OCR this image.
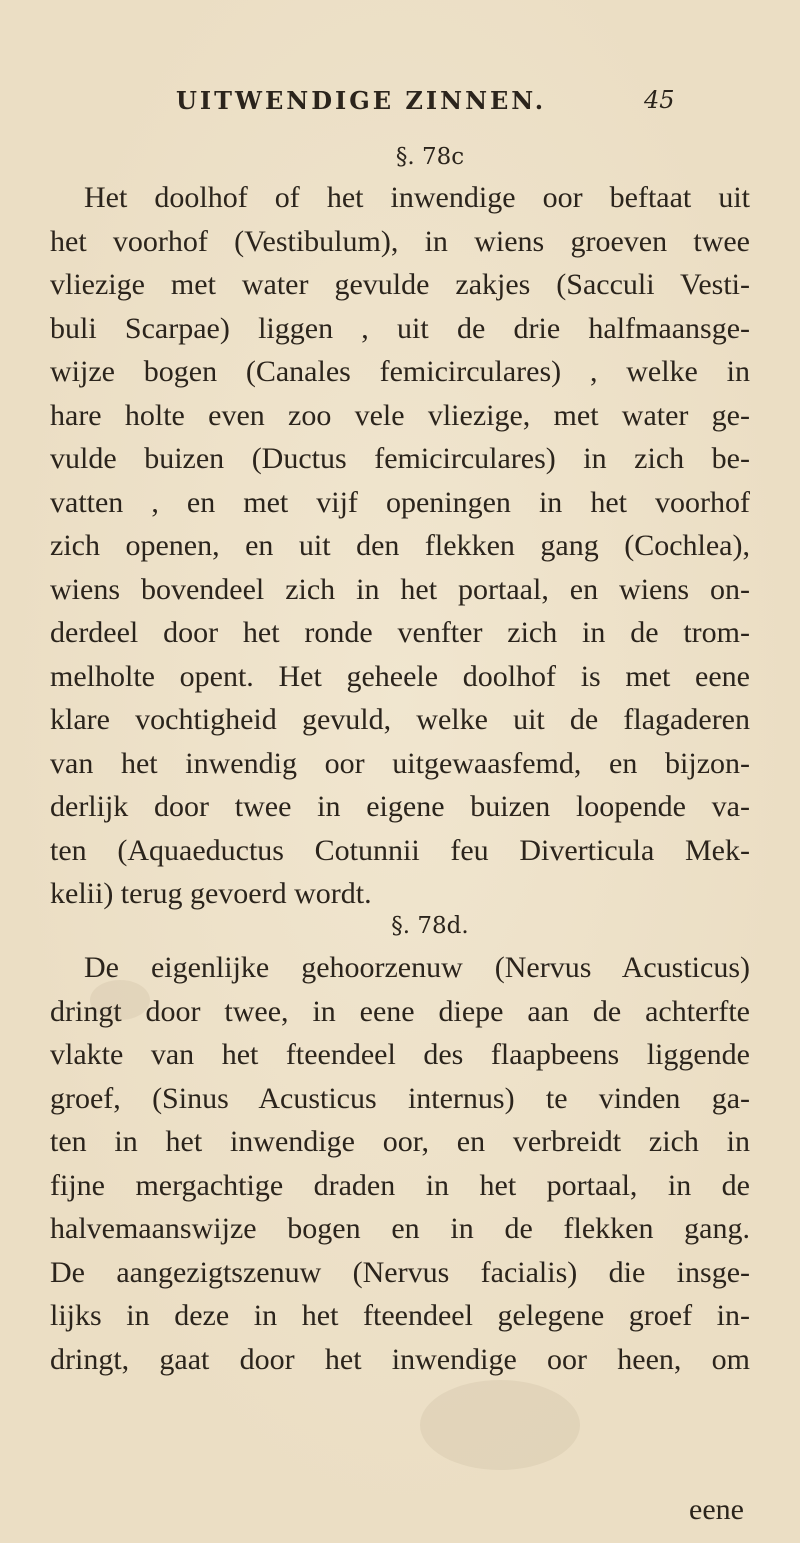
UITWENDIGE ZINNEN.	45
§. 78c
Het doolhof of het inwendige oor beftaat uit
het voorhof (Vestibulum), in wiens groeven twee
vliezige met water gevulde zakjes (Sacculi Vesti-
buli Scarpae) liggen , uit de drie halfmaansge-
wijze bogen (Canales femicirculares) , welke in
hare holte even zoo vele vliezige, met water ge-
vulde buizen (Ductus femicirculares) in zich be-
vatten , en met vijf openingen in het voorhof
zich openen, en uit den flekken gang (Cochlea),
wiens bovendeel zich in het portaal, en wiens on-
derdeel door het ronde venfter zich in de trom-
melholte opent. Het geheele doolhof is met eene
klare vochtigheid gevuld, welke uit de flagaderen
van het inwendig oor uitgewaasfemd, en bijzon-
derlijk door twee in eigene buizen loopende va-
ten (Aquaeductus Cotunnii feu Diverticula Mek-
kelii) terug gevoerd wordt.
§. 78d.
De eigenlijke gehoorzenuw (Nervus Acusticus)
dringt door twee, in eene diepe aan de achterfte
vlakte van het fteendeel des flaapbeens liggende
groef, (Sinus Acusticus internus) te vinden ga-
ten in het inwendige oor, en verbreidt zich in
fijne mergachtige draden in het portaal, in de
halvemaanswijze bogen en in de flekken gang.
De aangezigtszenuw (Nervus facialis) die insge-
lijks in deze in het fteendeel gelegene groef in-
dringt, gaat door het inwendige oor heen, om
eene
